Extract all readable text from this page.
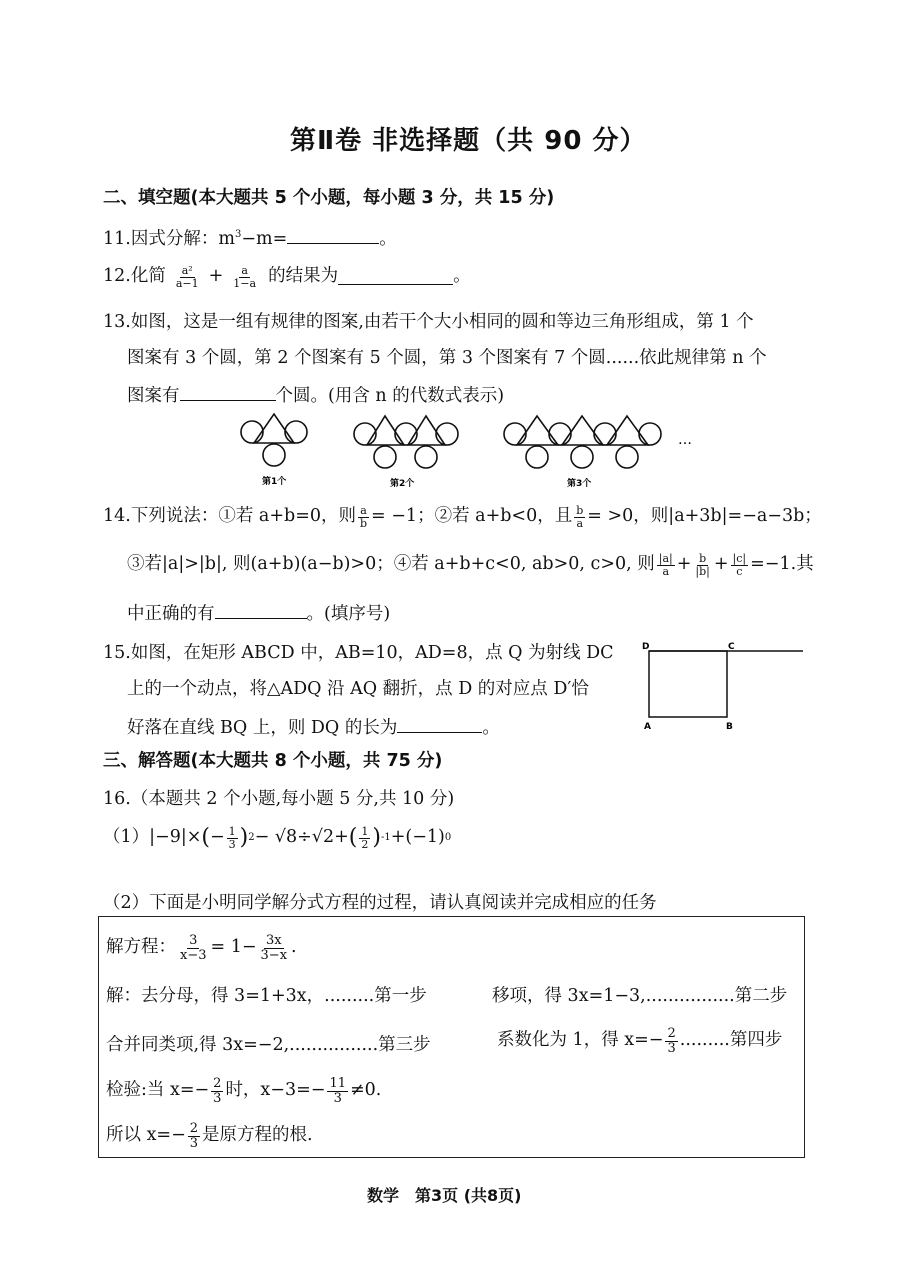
第Ⅱ卷 非选择题（共 90 分）
二、填空题(本大题共 5 个小题，每小题 3 分，共 15 分)
11.因式分解：$m^3-m=$	。
12.化简 $\frac{\text{a²}}{a-1} + \frac{a}{1-a}$ 的结果为	。
13.如图，这是一组有规律的图案,由若干个大小相同的圆和等边三角形组成，第 1 个
图案有 3 个圆，第 2 个图案有 5 个圆，第 3 个图案有 7 个圆......依此规律第 n 个
图案有	个圆。(用含 n 的代数式表示)
第1个	第2个	第3个
…
14.下列说法：①若 a+b=0，则 $\frac{a}{b} = -1$；②若 a+b<0，且 $\frac{b}{a} = >0$，则|a+3b|=−a−3b；
③若|a|>|b|, 则(a+b)(a−b)>0；④若 a+b+c<0, ab>0, c>0, 则 $\frac{|a|}{a} + \frac{b}{|b|} + \frac{|c|}{c} =-1$.其
中正确的有	。(填序号)
15.如图，在矩形 ABCD 中，AB=10，AD=8，点 Q 为射线 DC
上的一个动点，将△ADQ 沿 AQ 翻折，点 D 的对应点 D′恰
好落在直线 BQ 上，则 DQ 的长为	。
D	C
A	B
三、解答题(本大题共 8 个小题，共 75 分)
16.（本题共 2 个小题,每小题 5 分,共 10 分)
（1） |−9|× ( − $\frac{1}{3}$ ) 2 − √8÷√2+ ( $\frac{1}{2}$ ) -1 +(−1) 0
（2）下面是小明同学解分式方程的过程，请认真阅读并完成相应的任务
解方程： $\frac{3}{x-3} = 1- \frac{3x}{3-x}$ .
解：去分母，得 3=1+3x，.........第一步	移项，得 3x=1−3,................第二步
合并同类项,得 3x=−2,................第三步	系数化为 1，得 $x=- \frac{2}{3}$ .........第四步
检验:当 $x=- \frac{2}{3}$ 时，$x-3=- \frac{11}{3} \ne 0$.
所以 $x=- \frac{2}{3}$ 是原方程的根.
数学　第3页 (共8页)
